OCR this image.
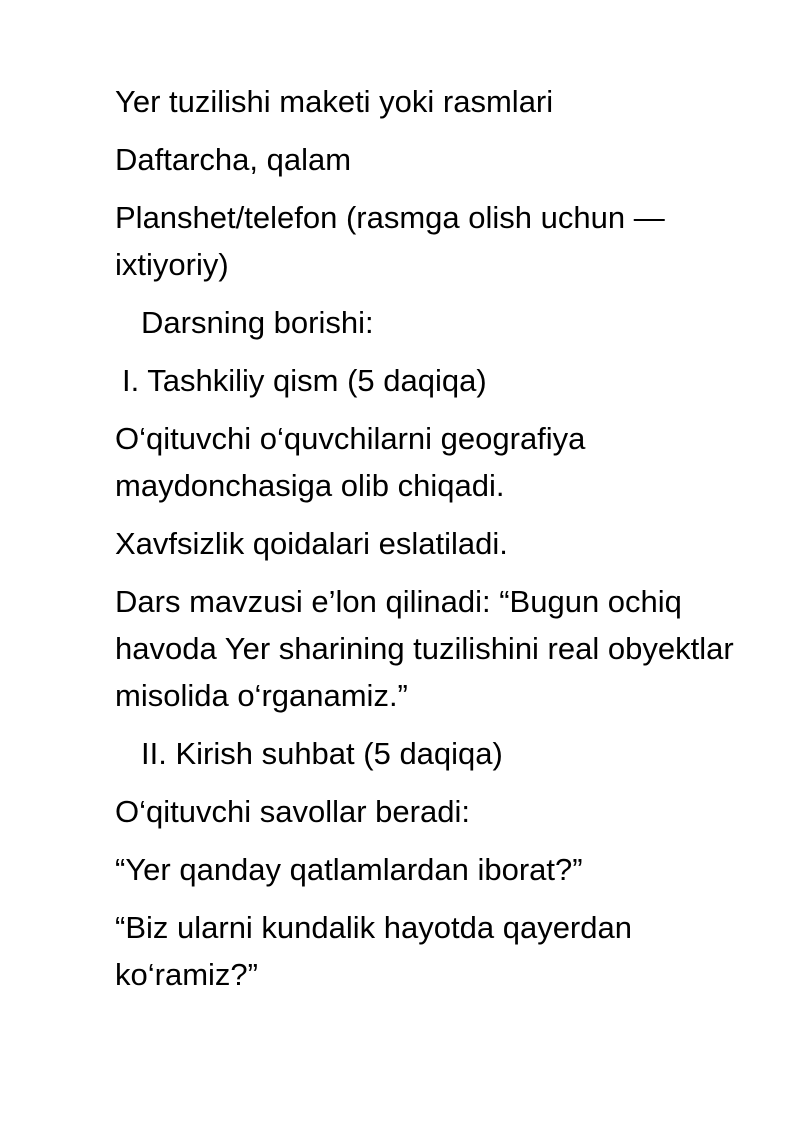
Yer tuzilishi maketi yoki rasmlari

Daftarcha, qalam

Planshet/telefon (rasmga olish uchun — ixtiyoriy)

Darsning borishi:

I. Tashkiliy qism (5 daqiqa)

O‘qituvchi o‘quvchilarni geografiya maydonchasiga olib chiqadi.

Xavfsizlik qoidalari eslatiladi.

Dars mavzusi e’lon qilinadi: “Bugun ochiq havoda Yer sharining tuzilishini real obyektlar misolida o‘rganamiz.”

II. Kirish suhbat (5 daqiqa)

O‘qituvchi savollar beradi:

“Yer qanday qatlamlardan iborat?”

“Biz ularni kundalik hayotda qayerdan ko‘ramiz?”
